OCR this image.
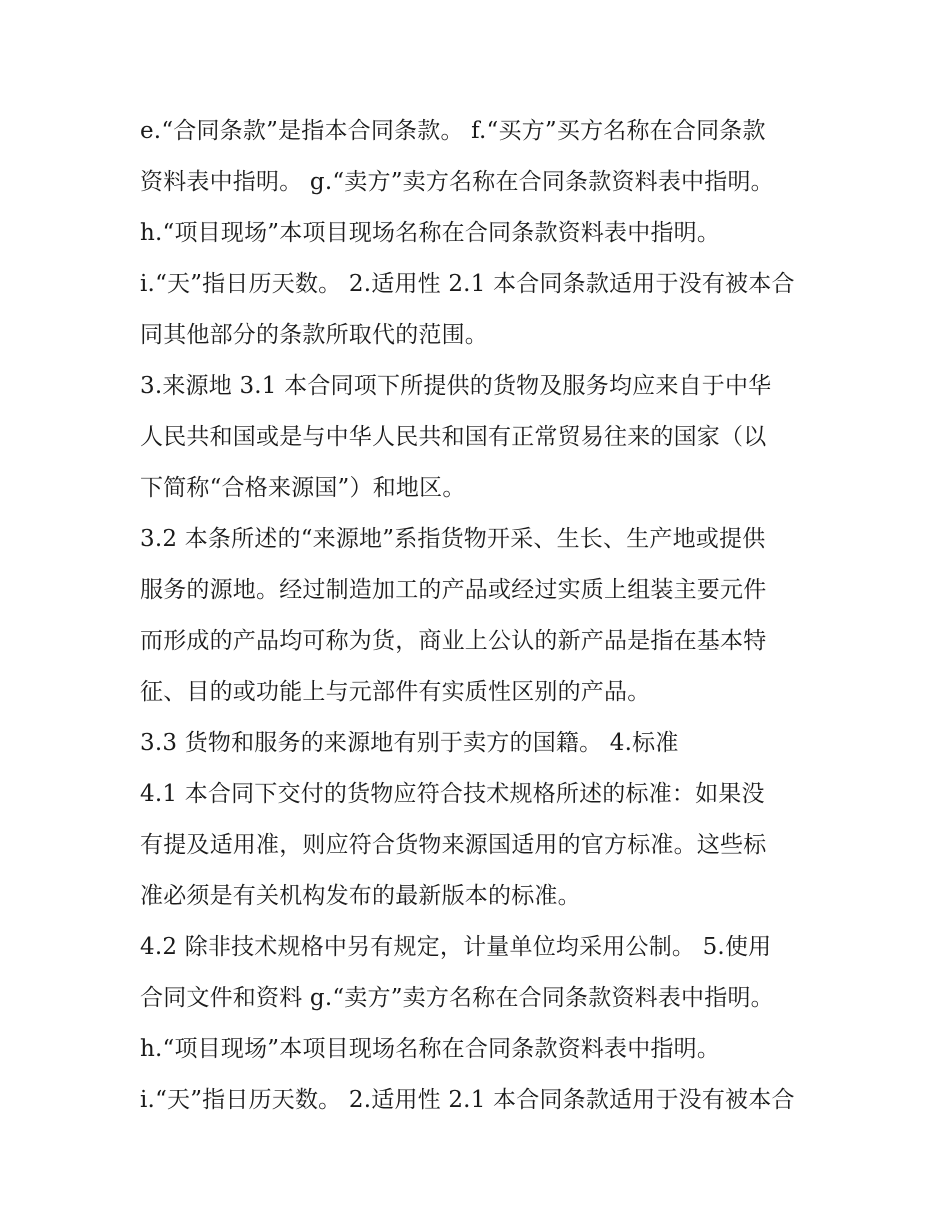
e.“合同条款”是指本合同条款。 f.“买方”买方名称在合同条款
资料表中指明。 g.“卖方”卖方名称在合同条款资料表中指明。
h.“项目现场”本项目现场名称在合同条款资料表中指明。
i.“天”指日历天数。 2.适用性 2.1 本合同条款适用于没有被本合
同其他部分的条款所取代的范围。
3.来源地 3.1 本合同项下所提供的货物及服务均应来自于中华
人民共和国或是与中华人民共和国有正常贸易往来的国家（以
下简称“合格来源国”）和地区。
3.2 本条所述的“来源地”系指货物开采、生长、生产地或提供
服务的源地。经过制造加工的产品或经过实质上组装主要元件
而形成的产品均可称为货，商业上公认的新产品是指在基本特
征、目的或功能上与元部件有实质性区别的产品。
3.3 货物和服务的来源地有别于卖方的国籍。 4.标准
4.1 本合同下交付的货物应符合技术规格所述的标准：如果没
有提及适用准，则应符合货物来源国适用的官方标准。这些标
准必须是有关机构发布的最新版本的标准。
4.2 除非技术规格中另有规定，计量单位均采用公制。 5.使用
合同文件和资料 g.“卖方”卖方名称在合同条款资料表中指明。
h.“项目现场”本项目现场名称在合同条款资料表中指明。
i.“天”指日历天数。 2.适用性 2.1 本合同条款适用于没有被本合
